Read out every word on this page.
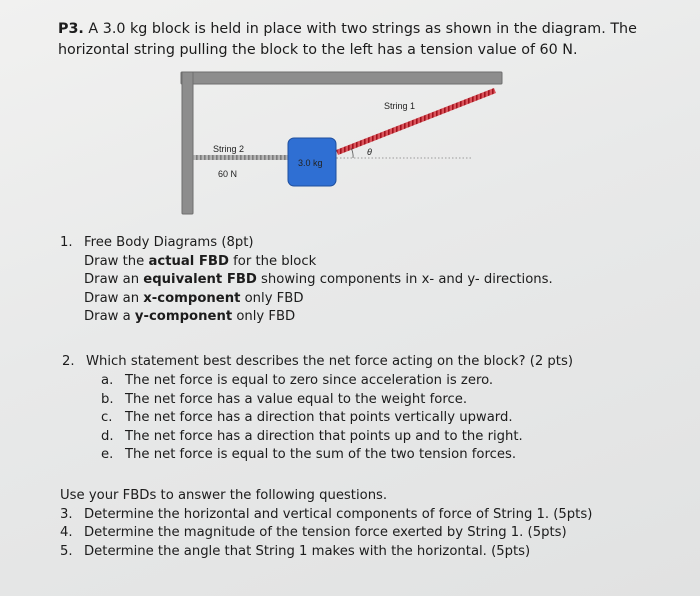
P3. A 3.0 kg block is held in place with two strings as shown in the diagram. The horizontal string pulling the block to the left has a tension value of 60 N.

String 1
String 2
60 N
3.0 kg
θ
1. Free Body Diagrams (8pt)
Draw the actual FBD for the block
Draw an equivalent FBD showing components in x- and y- directions.
Draw an x-component only FBD
Draw a y-component only FBD
2. Which statement best describes the net force acting on the block? (2 pts)
a. The net force is equal to zero since acceleration is zero.
b. The net force has a value equal to the weight force.
c. The net force has a direction that points vertically upward.
d. The net force has a direction that points up and to the right.
e. The net force is equal to the sum of the two tension forces.
Use your FBDs to answer the following questions.
3. Determine the horizontal and vertical components of force of String 1. (5pts)
4. Determine the magnitude of the tension force exerted by String 1. (5pts)
5. Determine the angle that String 1 makes with the horizontal. (5pts)
